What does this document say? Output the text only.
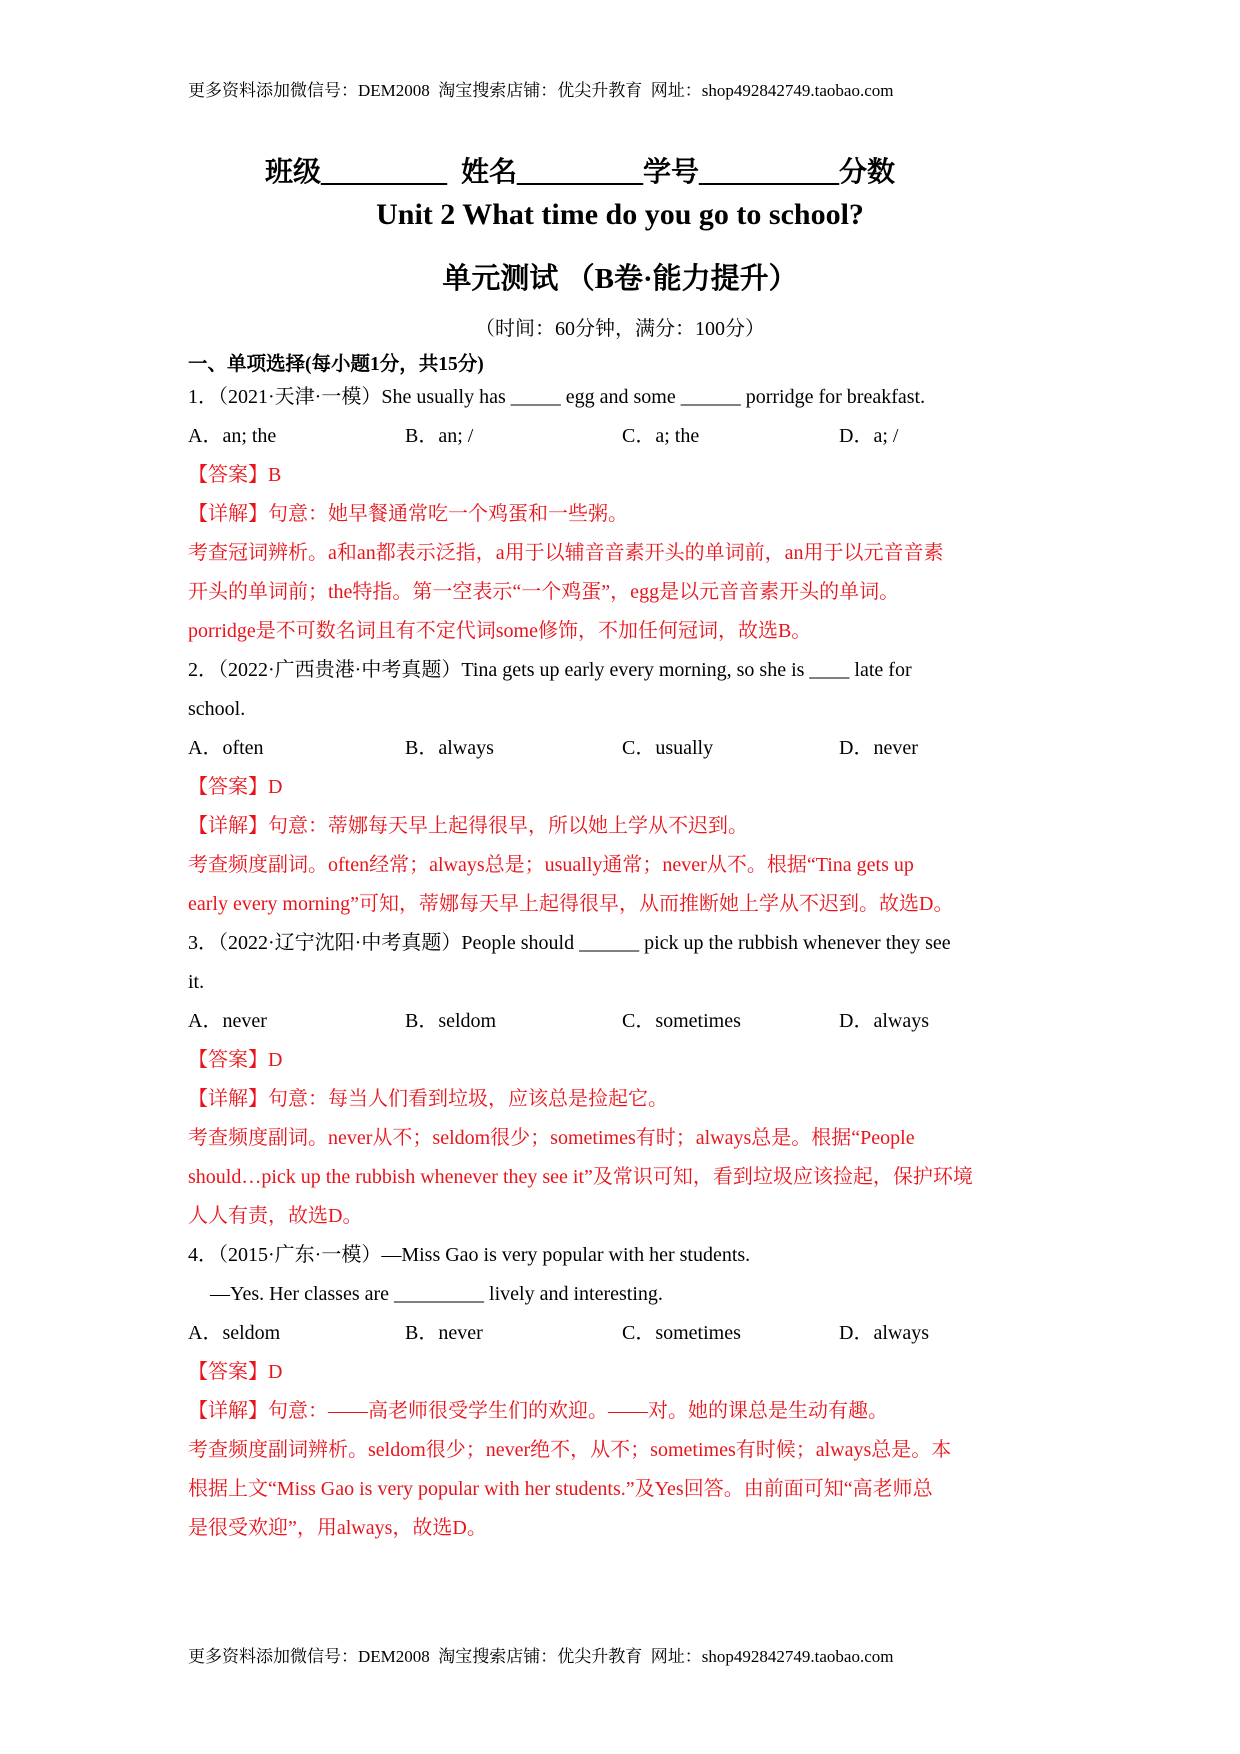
更多资料添加微信号：DEM2008  淘宝搜索店铺：优尖升教育  网址：shop492842749.taobao.com
班级_________  姓名_________学号__________分数
Unit 2 What time do you go to school?
单元测试 （B卷·能力提升）
（时间：60分钟，满分：100分）
一、单项选择(每小题1分，共15分)
1．（2021·天津·一模）She usually has _____ egg and some ______ porridge for breakfast.
A．an; the	B．an; /	C．a; the	D．a; /
【答案】B
【详解】句意：她早餐通常吃一个鸡蛋和一些粥。
考查冠词辨析。a和an都表示泛指，a用于以辅音音素开头的单词前，an用于以元音音素
开头的单词前；the特指。第一空表示“一个鸡蛋”，egg是以元音音素开头的单词。
porridge是不可数名词且有不定代词some修饰，不加任何冠词，故选B。
2．（2022·广西贵港·中考真题）Tina gets up early every morning, so she is ____ late for
school.
A．often	B．always	C．usually	D．never
【答案】D
【详解】句意：蒂娜每天早上起得很早，所以她上学从不迟到。
考查频度副词。often经常；always总是；usually通常；never从不。根据“Tina gets up
early every morning”可知，蒂娜每天早上起得很早，从而推断她上学从不迟到。故选D。
3．（2022·辽宁沈阳·中考真题）People should ______ pick up the rubbish whenever they see
it.
A．never	B．seldom	C．sometimes	D．always
【答案】D
【详解】句意：每当人们看到垃圾，应该总是捡起它。
考查频度副词。never从不；seldom很少；sometimes有时；always总是。根据“People
should…pick up the rubbish whenever they see it”及常识可知，看到垃圾应该捡起，保护环境
人人有责，故选D。
4．（2015·广东·一模）—Miss Gao is very popular with her students.
—Yes. Her classes are _________ lively and interesting.
A．seldom	B．never	C．sometimes	D．always
【答案】D
【详解】句意：——高老师很受学生们的欢迎。——对。她的课总是生动有趣。
考查频度副词辨析。seldom很少；never绝不，从不；sometimes有时候；always总是。本
根据上文“Miss Gao is very popular with her students.”及Yes回答。由前面可知“高老师总
是很受欢迎”，用always，故选D。
更多资料添加微信号：DEM2008  淘宝搜索店铺：优尖升教育  网址：shop492842749.taobao.com
